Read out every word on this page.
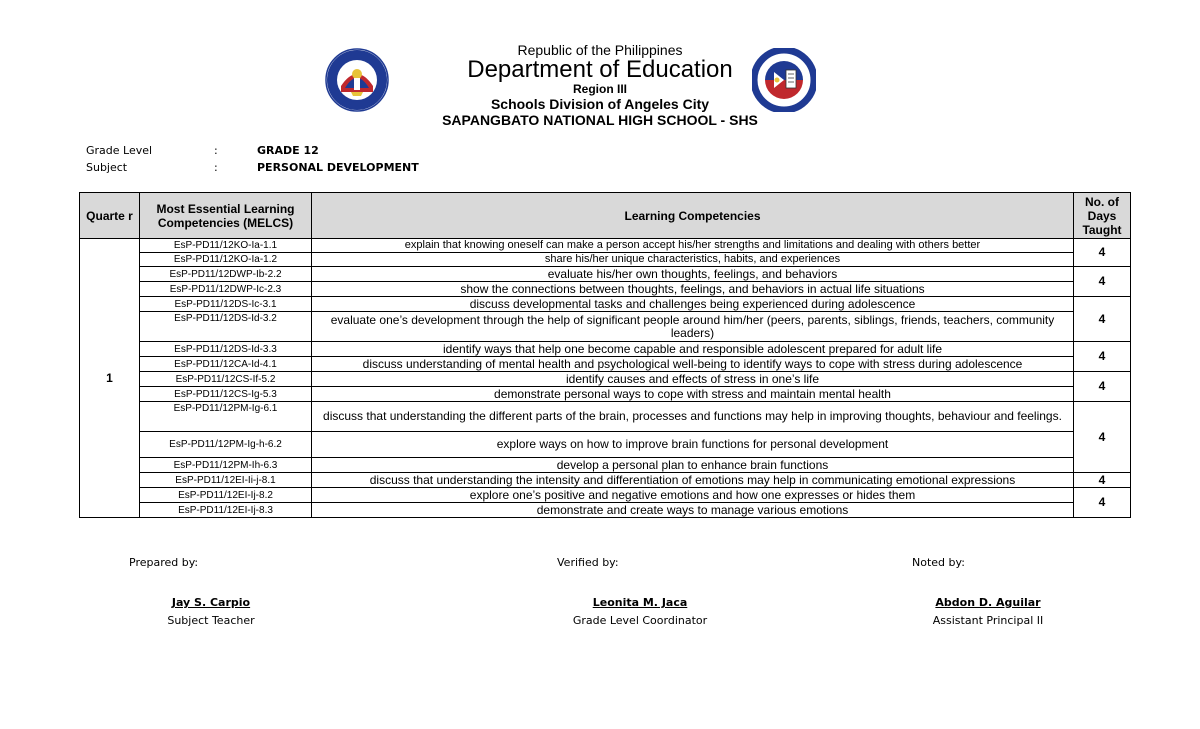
Republic of the Philippines
Department of Education
Region III
Schools Division of Angeles City
SAPANGBATO NATIONAL HIGH SCHOOL - SHS
Grade Level	:	GRADE 12
Subject	:	PERSONAL DEVELOPMENT
Quarte r	Most Essential Learning Competencies (MELCS)	Learning Competencies	No. of Days Taught
1	EsP-PD11/12KO-Ia-1.1	explain that knowing oneself can make a person accept his/her strengths and limitations and dealing with others better	4
	EsP-PD11/12KO-Ia-1.2	share his/her unique characteristics, habits, and experiences	
	EsP-PD11/12DWP-Ib-2.2	evaluate his/her own thoughts, feelings, and behaviors	4
	EsP-PD11/12DWP-Ic-2.3	show the connections between thoughts, feelings, and behaviors in actual life situations	
	EsP-PD11/12DS-Ic-3.1	discuss developmental tasks and challenges being experienced during adolescence	4
	EsP-PD11/12DS-Id-3.2	evaluate one’s development through the help of significant people around him/her (peers, parents, siblings, friends, teachers, community leaders)	
	EsP-PD11/12DS-Id-3.3	identify ways that help one become capable and responsible adolescent prepared for adult life	4
	EsP-PD11/12CA-Id-4.1	discuss understanding of mental health and psychological well-being to identify ways to cope with stress during adolescence	
	EsP-PD11/12CS-If-5.2	identify causes and effects of stress in one’s life	4
	EsP-PD11/12CS-Ig-5.3	demonstrate personal ways to cope with stress and maintain mental health	
	EsP-PD11/12PM-Ig-6.1	discuss that understanding the different parts of the brain, processes and functions may help in improving thoughts, behaviour and feelings.	4
	EsP-PD11/12PM-Ig-h-6.2	explore ways on how to improve brain functions for personal development	
	EsP-PD11/12PM-Ih-6.3	develop a personal plan to enhance brain functions	
	EsP-PD11/12EI-Ii-j-8.1	discuss that understanding the intensity and differentiation of emotions may help in communicating emotional expressions	4
	EsP-PD11/12EI-Ij-8.2	explore one’s positive and negative emotions and how one expresses or hides them	4
	EsP-PD11/12EI-Ij-8.3	demonstrate and create ways to manage various emotions	
Prepared by:
Jay S. Carpio
Subject Teacher
Verified by:
Leonita M. Jaca
Grade Level Coordinator
Noted by:
Abdon D. Aguilar
Assistant Principal II
